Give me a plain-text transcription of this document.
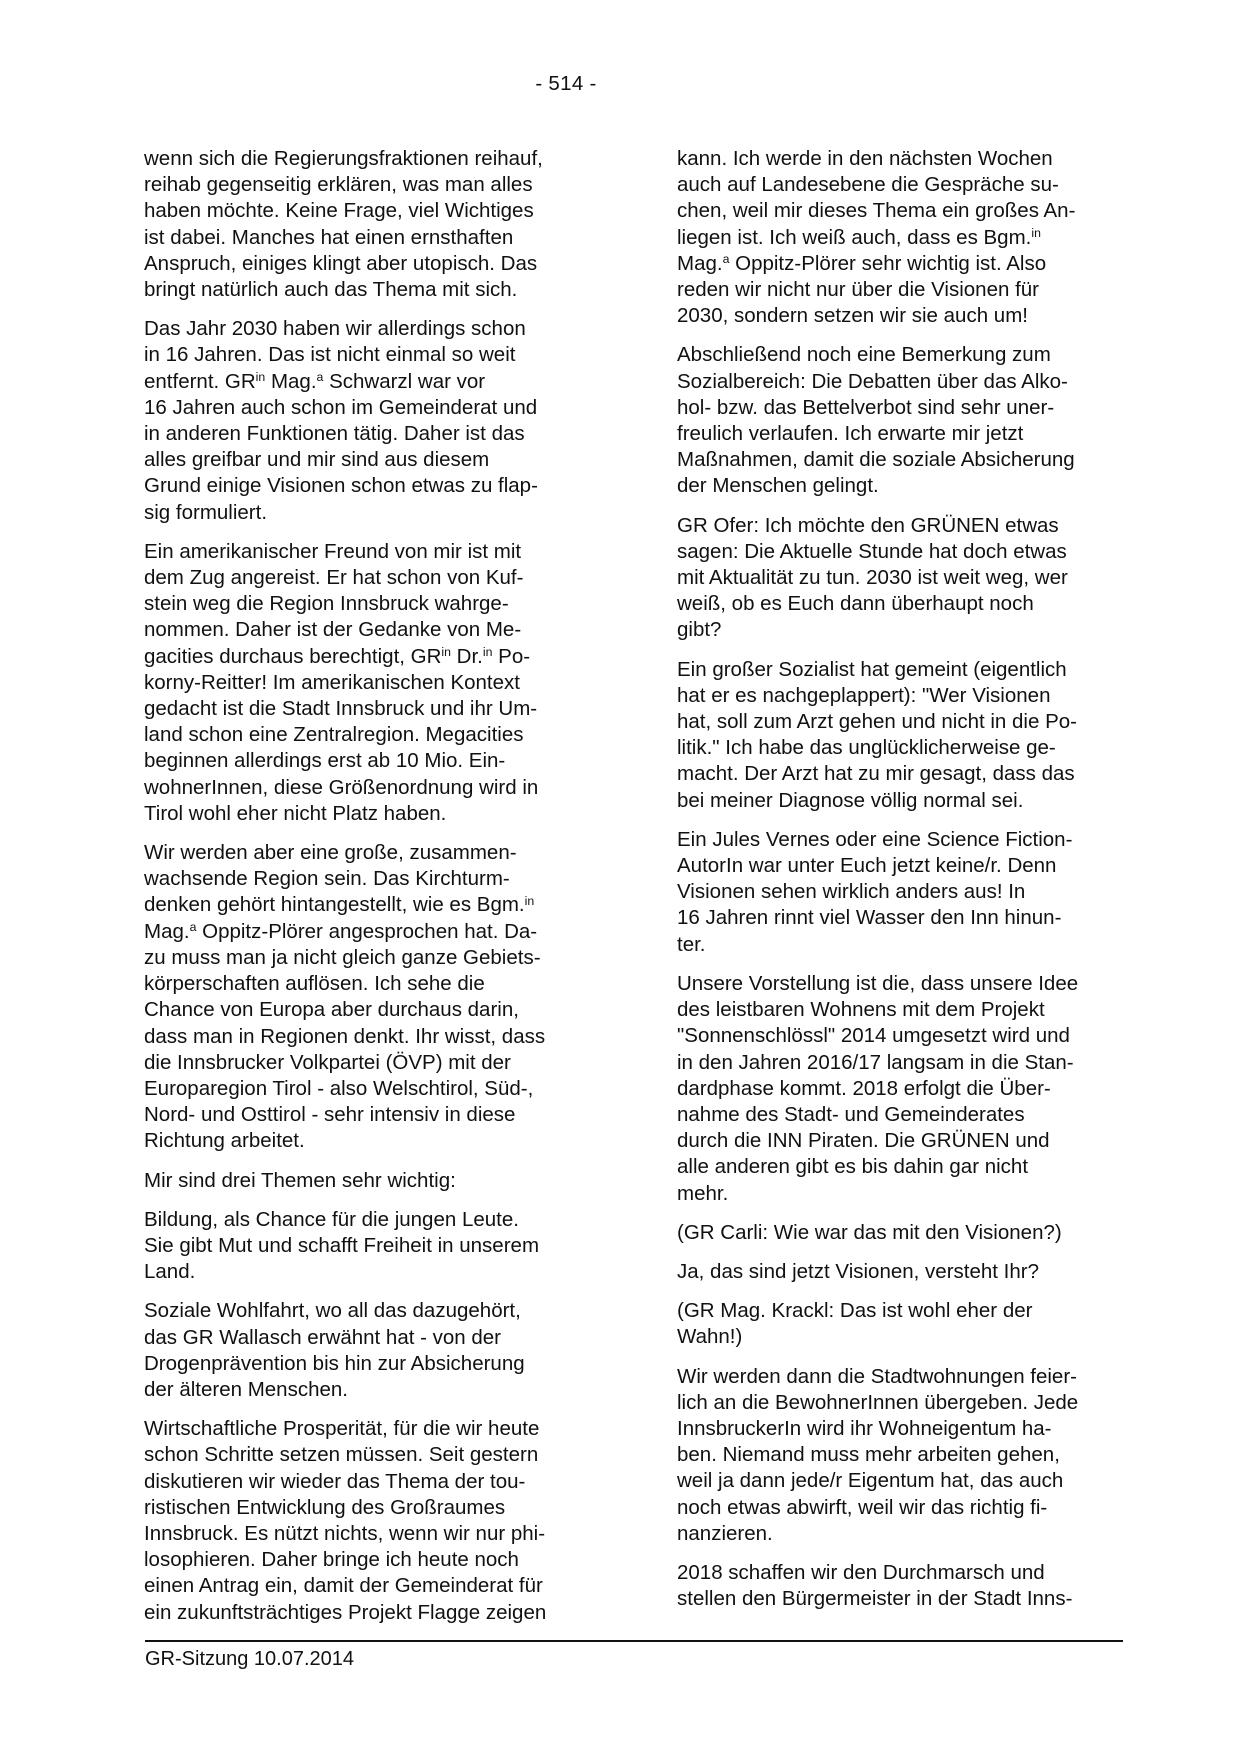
- 514 -

wenn sich die Regierungsfraktionen reihauf,
reihab gegenseitig erklären, was man alles
haben möchte. Keine Frage, viel Wichtiges
ist dabei. Manches hat einen ernsthaften
Anspruch, einiges klingt aber utopisch. Das
bringt natürlich auch das Thema mit sich.

Das Jahr 2030 haben wir allerdings schon
in 16 Jahren. Das ist nicht einmal so weit
entfernt. $GR^{in}$ Mag.$^a$ Schwarzl war vor
16 Jahren auch schon im Gemeinderat und
in anderen Funktionen tätig. Daher ist das
alles greifbar und mir sind aus diesem
Grund einige Visionen schon etwas zu flap-
sig formuliert.

Ein amerikanischer Freund von mir ist mit
dem Zug angereist. Er hat schon von Kuf-
stein weg die Region Innsbruck wahrge-
nommen. Daher ist der Gedanke von Me-
gacities durchaus berechtigt, $GR^{in}$ Dr.$^{in}$ Po-
korny-Reitter! Im amerikanischen Kontext
gedacht ist die Stadt Innsbruck und ihr Um-
land schon eine Zentralregion. Megacities
beginnen allerdings erst ab 10 Mio. Ein-
wohnerInnen, diese Größenordnung wird in
Tirol wohl eher nicht Platz haben.

Wir werden aber eine große, zusammen-
wachsende Region sein. Das Kirchturm-
denken gehört hintangestellt, wie es Bgm.$^{in}$
Mag.$^a$ Oppitz-Plörer angesprochen hat. Da-
zu muss man ja nicht gleich ganze Gebiets-
körperschaften auflösen. Ich sehe die
Chance von Europa aber durchaus darin,
dass man in Regionen denkt. Ihr wisst, dass
die Innsbrucker Volkpartei (ÖVP) mit der
Europaregion Tirol - also Welschtirol, Süd-,
Nord- und Osttirol - sehr intensiv in diese
Richtung arbeitet.

Mir sind drei Themen sehr wichtig:

Bildung, als Chance für die jungen Leute.
Sie gibt Mut und schafft Freiheit in unserem
Land.

Soziale Wohlfahrt, wo all das dazugehört,
das GR Wallasch erwähnt hat - von der
Drogenprävention bis hin zur Absicherung
der älteren Menschen.

Wirtschaftliche Prosperität, für die wir heute
schon Schritte setzen müssen. Seit gestern
diskutieren wir wieder das Thema der tou-
ristischen Entwicklung des Großraumes
Innsbruck. Es nützt nichts, wenn wir nur phi-
losophieren. Daher bringe ich heute noch
einen Antrag ein, damit der Gemeinderat für
ein zukunftsträchtiges Projekt Flagge zeigen

kann. Ich werde in den nächsten Wochen
auch auf Landesebene die Gespräche su-
chen, weil mir dieses Thema ein großes An-
liegen ist. Ich weiß auch, dass es Bgm.$^{in}$
Mag.$^a$ Oppitz-Plörer sehr wichtig ist. Also
reden wir nicht nur über die Visionen für
2030, sondern setzen wir sie auch um!

Abschließend noch eine Bemerkung zum
Sozialbereich: Die Debatten über das Alko-
hol- bzw. das Bettelverbot sind sehr uner-
freulich verlaufen. Ich erwarte mir jetzt
Maßnahmen, damit die soziale Absicherung
der Menschen gelingt.

GR Ofer: Ich möchte den GRÜNEN etwas
sagen: Die Aktuelle Stunde hat doch etwas
mit Aktualität zu tun. 2030 ist weit weg, wer
weiß, ob es Euch dann überhaupt noch
gibt?

Ein großer Sozialist hat gemeint (eigentlich
hat er es nachgeplappert): "Wer Visionen
hat, soll zum Arzt gehen und nicht in die Po-
litik." Ich habe das unglücklicherweise ge-
macht. Der Arzt hat zu mir gesagt, dass das
bei meiner Diagnose völlig normal sei.

Ein Jules Vernes oder eine Science Fiction-
AutorIn war unter Euch jetzt keine/r. Denn
Visionen sehen wirklich anders aus! In
16 Jahren rinnt viel Wasser den Inn hinun-
ter.

Unsere Vorstellung ist die, dass unsere Idee
des leistbaren Wohnens mit dem Projekt
"Sonnenschlössl" 2014 umgesetzt wird und
in den Jahren 2016/17 langsam in die Stan-
dardphase kommt. 2018 erfolgt die Über-
nahme des Stadt- und Gemeinderates
durch die INN Piraten. Die GRÜNEN und
alle anderen gibt es bis dahin gar nicht
mehr.

(GR Carli: Wie war das mit den Visionen?)

Ja, das sind jetzt Visionen, versteht Ihr?

(GR Mag. Krackl: Das ist wohl eher der
Wahn!)

Wir werden dann die Stadtwohnungen feier-
lich an die BewohnerInnen übergeben. Jede
InnsbruckerIn wird ihr Wohneigentum ha-
ben. Niemand muss mehr arbeiten gehen,
weil ja dann jede/r Eigentum hat, das auch
noch etwas abwirft, weil wir das richtig fi-
nanzieren.

2018 schaffen wir den Durchmarsch und
stellen den Bürgermeister in der Stadt Inns-

GR-Sitzung 10.07.2014
